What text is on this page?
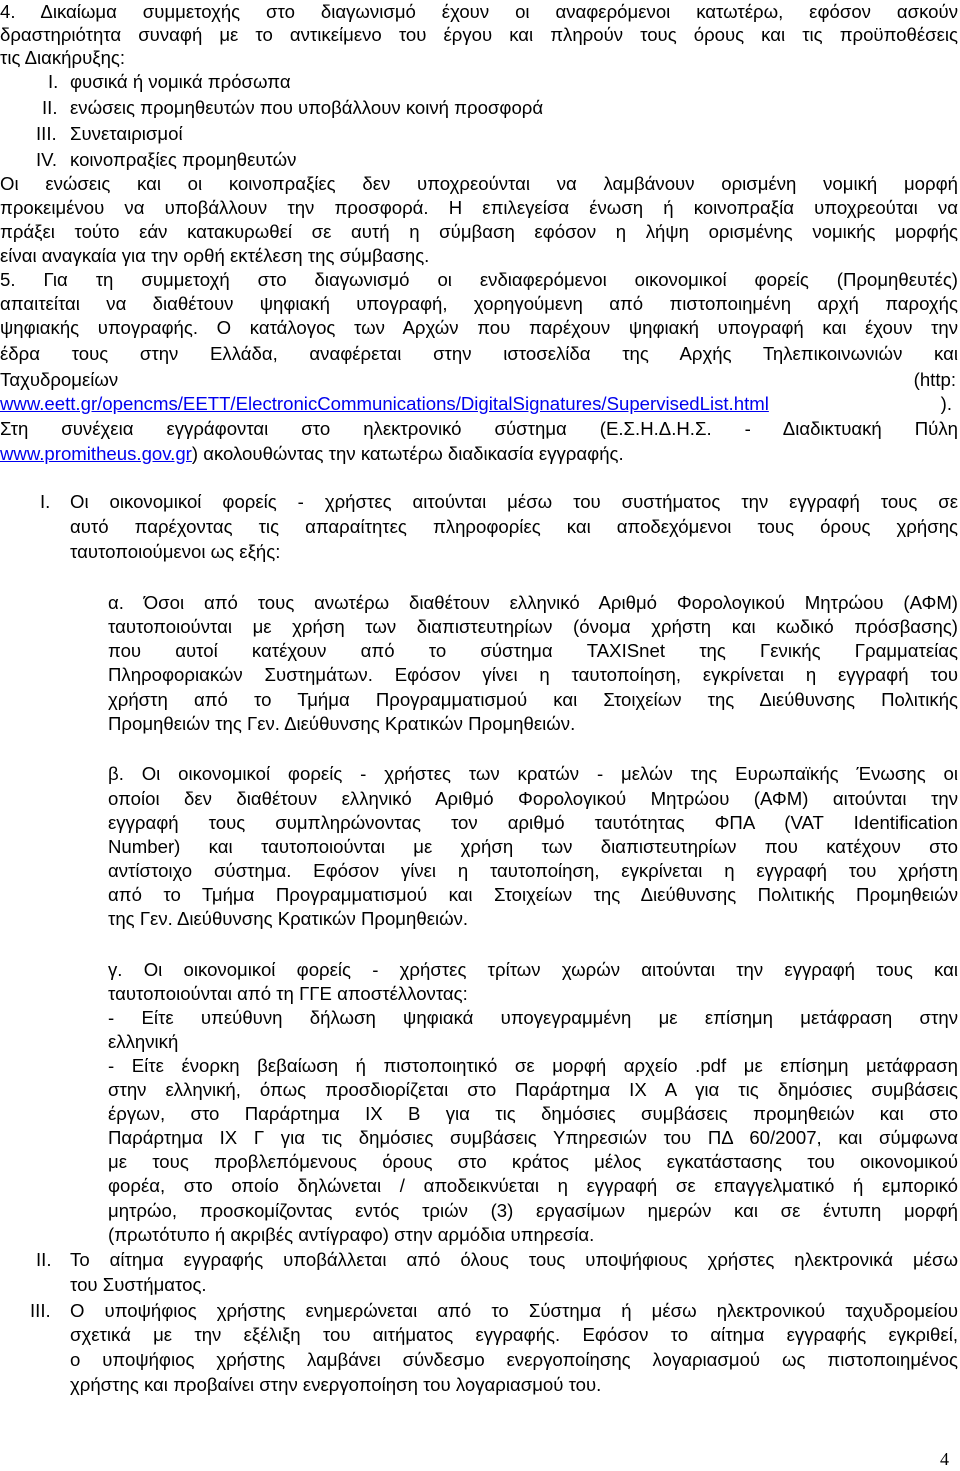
4. Δικαίωμα συμμετοχής στο διαγωνισμό έχουν οι αναφερόμενοι κατωτέρω, εφόσον ασκούν
δραστηριότητα συναφή με το αντικείμενο του έργου και πληρούν τους όρους και τις προϋποθέσεις
τις Διακήρυξης:
I. φυσικά ή νομικά πρόσωπα
II. ενώσεις προμηθευτών που υποβάλλουν κοινή προσφορά
III. Συνεταιρισμοί
IV. κοινοπραξίες προμηθευτών
Οι ενώσεις και οι κοινοπραξίες δεν υποχρεούνται να λαμβάνουν ορισμένη νομική μορφή
προκειμένου να υποβάλλουν την προσφορά. Η επιλεγείσα ένωση ή κοινοπραξία υποχρεούται να
πράξει τούτο εάν κατακυρωθεί σε αυτή η σύμβαση εφόσον η λήψη ορισμένης νομικής μορφής
είναι αναγκαία για την ορθή εκτέλεση της σύμβασης.
5. Για τη συμμετοχή στο διαγωνισμό οι ενδιαφερόμενοι οικονομικοί φορείς (Προμηθευτές)
απαιτείται να διαθέτουν ψηφιακή υπογραφή, χορηγούμενη από πιστοποιημένη αρχή παροχής
ψηφιακής υπογραφής. Ο κατάλογος των Αρχών που παρέχουν ψηφιακή υπογραφή και έχουν την
έδρα τους στην Ελλάδα, αναφέρεται στην ιστοσελίδα της Αρχής Τηλεπικοινωνιών και
Ταχυδρομείων	(http:
www.eett.gr/opencms/EETT/ElectronicCommunications/DigitalSignatures/SupervisedList.html	).
Στη συνέχεια εγγράφονται στο ηλεκτρονικό σύστημα (Ε.Σ.Η.Δ.Η.Σ. - Διαδικτυακή Πύλη
www.promitheus.gov.gr) ακολουθώντας την κατωτέρω διαδικασία εγγραφής.
I. Οι οικονομικοί φορείς - χρήστες αιτούνται μέσω του συστήματος την εγγραφή τους σε
αυτό παρέχοντας τις απαραίτητες πληροφορίες και αποδεχόμενοι τους όρους χρήσης
ταυτοποιούμενοι ως εξής:
α. Όσοι από τους ανωτέρω διαθέτουν ελληνικό Αριθμό Φορολογικού Μητρώου (ΑΦΜ)
ταυτοποιούνται με χρήση των διαπιστευτηρίων (όνομα χρήστη και κωδικό πρόσβασης)
που αυτοί κατέχουν από το σύστημα TAXISnet της Γενικής Γραμματείας
Πληροφοριακών Συστημάτων. Εφόσον γίνει η ταυτοποίηση, εγκρίνεται η εγγραφή του
χρήστη από το Τμήμα Προγραμματισμού και Στοιχείων της Διεύθυνσης Πολιτικής
Προμηθειών της Γεν. Διεύθυνσης Κρατικών Προμηθειών.
β. Οι οικονομικοί φορείς - χρήστες των κρατών - μελών της Ευρωπαϊκής Ένωσης οι
οποίοι δεν διαθέτουν ελληνικό Αριθμό Φορολογικού Μητρώου (ΑΦΜ) αιτούνται την
εγγραφή τους συμπληρώνοντας τον αριθμό ταυτότητας ΦΠΑ (VAT Identification
Number) και ταυτοποιούνται με χρήση των διαπιστευτηρίων που κατέχουν στο
αντίστοιχο σύστημα. Εφόσον γίνει η ταυτοποίηση, εγκρίνεται η εγγραφή του χρήστη
από το Τμήμα Προγραμματισμού και Στοιχείων της Διεύθυνσης Πολιτικής Προμηθειών
της Γεν. Διεύθυνσης Κρατικών Προμηθειών.
γ. Οι οικονομικοί φορείς - χρήστες τρίτων χωρών αιτούνται την εγγραφή τους και
ταυτοποιούνται από τη ΓΓΕ αποστέλλοντας:
- Είτε υπεύθυνη δήλωση ψηφιακά υπογεγραμμένη με επίσημη μετάφραση στην
ελληνική
- Είτε ένορκη βεβαίωση ή πιστοποιητικό σε μορφή αρχείο .pdf με επίσημη μετάφραση
στην ελληνική, όπως προσδιορίζεται στο Παράρτημα ΙΧ Α για τις δημόσιες συμβάσεις
έργων, στο Παράρτημα ΙΧ Β για τις δημόσιες συμβάσεις προμηθειών και στο
Παράρτημα ΙΧ Γ για τις δημόσιες συμβάσεις Υπηρεσιών του ΠΔ 60/2007, και σύμφωνα
με τους προβλεπόμενους όρους στο κράτος μέλος εγκατάστασης του οικονομικού
φορέα, στο οποίο δηλώνεται / αποδεικνύεται η εγγραφή σε επαγγελματικό ή εμπορικό
μητρώο, προσκομίζοντας εντός τριών (3) εργασίμων ημερών και σε έντυπη μορφή
(πρωτότυπο ή ακριβές αντίγραφο) στην αρμόδια υπηρεσία.
II. Το αίτημα εγγραφής υποβάλλεται από όλους τους υποψήφιους χρήστες ηλεκτρονικά μέσω
του Συστήματος.
III. Ο υποψήφιος χρήστης ενημερώνεται από το Σύστημα ή μέσω ηλεκτρονικού ταχυδρομείου
σχετικά με την εξέλιξη του αιτήματος εγγραφής. Εφόσον το αίτημα εγγραφής εγκριθεί,
ο υποψήφιος χρήστης λαμβάνει σύνδεσμο ενεργοποίησης λογαριασμού ως πιστοποιημένος
χρήστης και προβαίνει στην ενεργοποίηση του λογαριασμού του.
4
